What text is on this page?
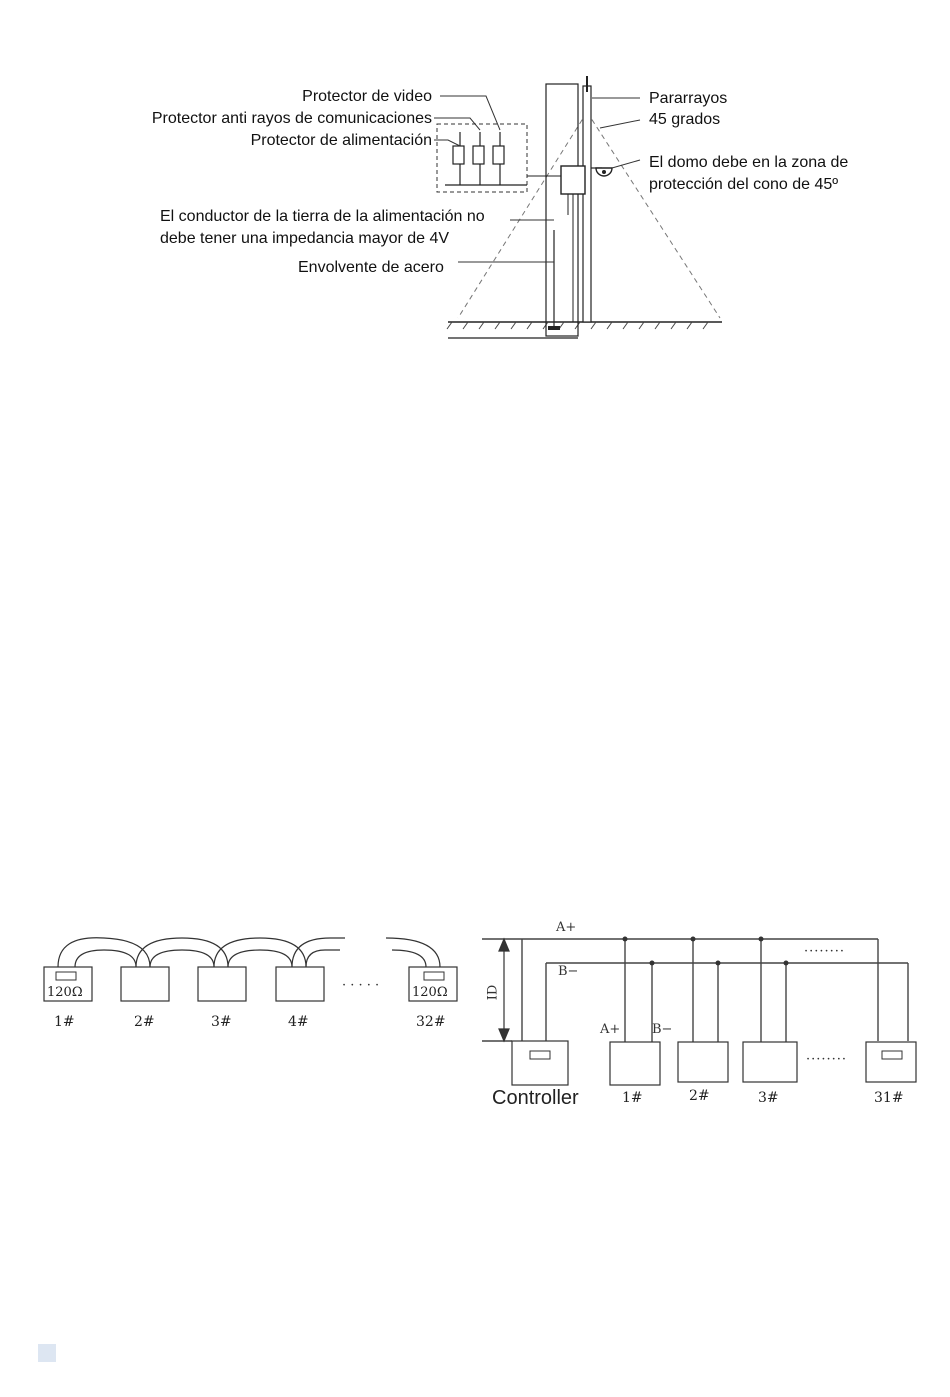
Protector de video
Protector anti rayos de comunicaciones
Protector de alimentación
El conductor de la tierra de la alimentación no
debe tener una impedancia mayor de 4V
Envolvente de acero
Pararrayos
45 grados
El domo debe en la zona de
protección del cono de 45º
120Ω	120Ω
· · · · ·
1#	2#	3#	4#	32#
A+
B−
A+ B−
ID
········
········
Controller	1#	2#	3#	31#
